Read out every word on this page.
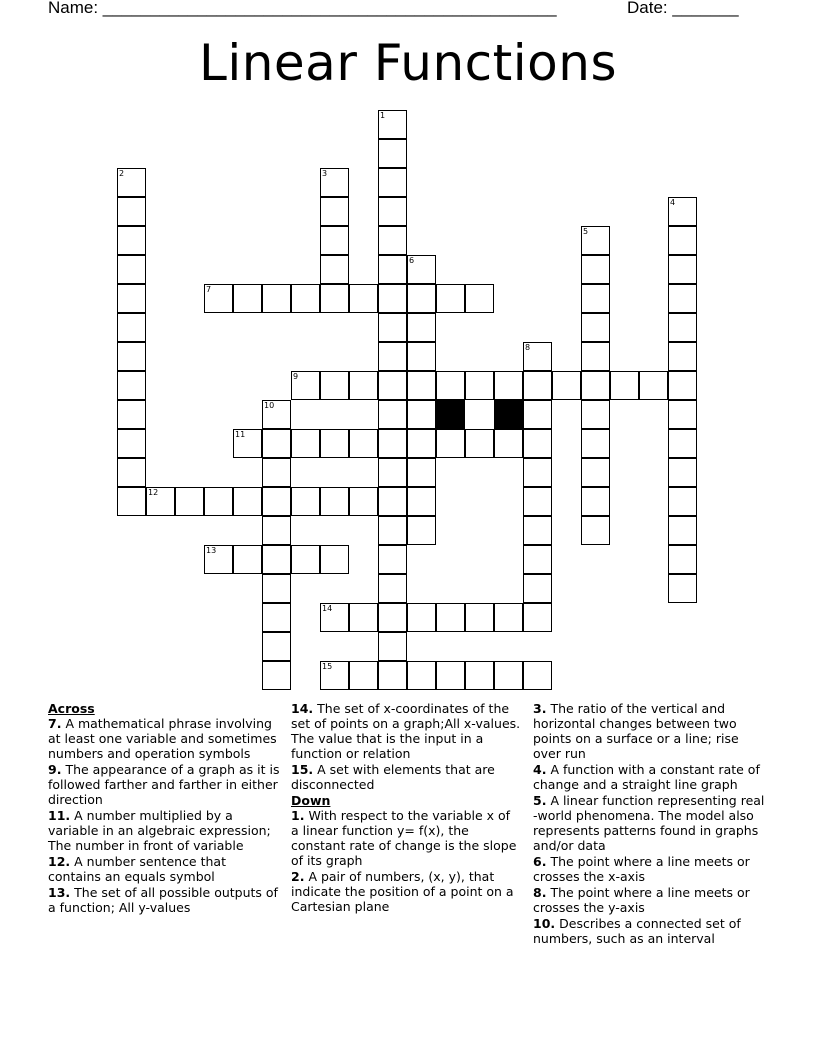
Name: ________________________________________________	Date: _______
Linear Functions
1
2	3
4
5
6
7
8
9
10
11
12
13
14
15
Across
7. A mathematical phrase involving at least one variable and sometimes numbers and operation symbols
9. The appearance of a graph as it is followed farther and farther in either direction
11. A number multiplied by a variable in an algebraic expression; The number in front of variable
12. A number sentence that contains an equals symbol
13. The set of all possible outputs of a function; All y-values
14. The set of x-coordinates of the set of points on a graph;All x-values. The value that is the input in a function or relation
15. A set with elements that are disconnected
Down
1. With respect to the variable x of a linear function y= f(x), the constant rate of change is the slope of its graph
2. A pair of numbers, (x, y), that indicate the position of a point on a Cartesian plane
3. The ratio of the vertical and horizontal changes between two points on a surface or a line; rise over run
4. A function with a constant rate of change and a straight line graph
5. A linear function representing real -world phenomena. The model also represents patterns found in graphs and/or data
6. The point where a line meets or crosses the x-axis
8. The point where a line meets or crosses the y-axis
10. Describes a connected set of numbers, such as an interval
